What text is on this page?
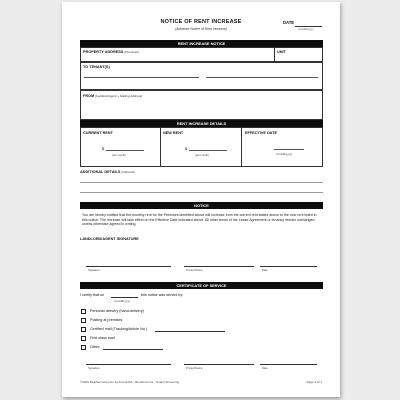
NOTICE OF RENT INCREASE
(Advance Notice of Rent Increase)
DATE
(mm/dd/yyyy)
RENT INCREASE NOTICE
PROPERTY ADDRESS (Premises)	UNIT
TO TENANT(S)
FROM (Landlord/Agent + Mailing Address)
RENT INCREASE DETAILS
CURRENT RENT
$
(per month)
NEW RENT
$
(per month)
EFFECTIVE DATE
(mm/dd/yyyy)
ADDITIONAL DETAILS (Optional)
NOTICE
You are hereby notified that the monthly rent for the Premises identified above will increase from the current rent stated above to the new rent listed in this notice. The increase will take effect on the Effective Date indicated above. All other terms of the Lease Agreement or tenancy remain unchanged unless otherwise agreed in writing.
LANDLORD/AGENT SIGNATURE
Signature	Printed Name	Date
CERTIFICATE OF SERVICE
I certify that on
(mm/dd/yyyy)
this notice was served by:
Personal delivery (hand-delivery)
Posting at premises
Certified mail (Tracking/Article No.)
First-class mail
Other:
Signature	Printed Name	Date
©2025 RealServices.com by AmeriUSA · Rental Forms · Tenant Screening	Page 1 of 1
